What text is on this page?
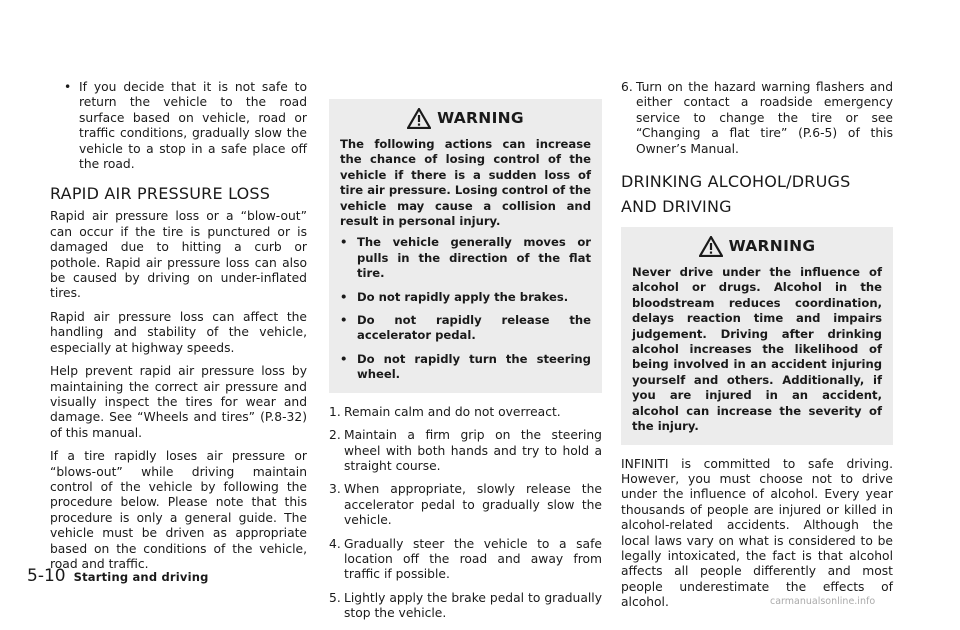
• If you decide that it is not safe to return the vehicle to the road surface based on vehicle, road or traffic conditions, gradually slow the vehicle to a stop in a safe place off the road.
RAPID AIR PRESSURE LOSS

Rapid air pressure loss or a “blow-out” can occur if the tire is punctured or is damaged due to hitting a curb or pothole. Rapid air pressure loss can also be caused by driving on under-inflated tires.

Rapid air pressure loss can affect the handling and stability of the vehicle, especially at highway speeds.

Help prevent rapid air pressure loss by maintaining the correct air pressure and visually inspect the tires for wear and damage. See “Wheels and tires” (P.8-32) of this manual.

If a tire rapidly loses air pressure or “blows-out” while driving maintain control of the vehicle by following the procedure below. Please note that this procedure is only a general guide. The vehicle must be driven as appropriate based on the conditions of the vehicle, road and traffic.

WARNING
The following actions can increase the chance of losing control of the vehicle if there is a sudden loss of tire air pressure. Losing control of the vehicle may cause a collision and result in personal injury.
• The vehicle generally moves or pulls in the direction of the flat tire.
• Do not rapidly apply the brakes.
• Do not rapidly release the accelerator pedal.
• Do not rapidly turn the steering wheel.
1. Remain calm and do not overreact.
2. Maintain a firm grip on the steering wheel with both hands and try to hold a straight course.
3. When appropriate, slowly release the accelerator pedal to gradually slow the vehicle.
4. Gradually steer the vehicle to a safe location off the road and away from traffic if possible.
5. Lightly apply the brake pedal to gradually stop the vehicle.
6. Turn on the hazard warning flashers and either contact a roadside emergency service to change the tire or see “Changing a flat tire” (P.6-5) of this Owner’s Manual.
DRINKING ALCOHOL/DRUGS
AND DRIVING
WARNING
Never drive under the influence of alcohol or drugs. Alcohol in the bloodstream reduces coordination, delays reaction time and impairs judgement. Driving after drinking alcohol increases the likelihood of being involved in an accident injuring yourself and others. Additionally, if you are injured in an accident, alcohol can increase the severity of the injury.

INFINITI is committed to safe driving. However, you must choose not to drive under the influence of alcohol. Every year thousands of people are injured or killed in alcohol-related accidents. Although the local laws vary on what is considered to be legally intoxicated, the fact is that alcohol affects all people differently and most people underestimate the effects of alcohol.

5-10 Starting and driving
carmanualsonline.info
